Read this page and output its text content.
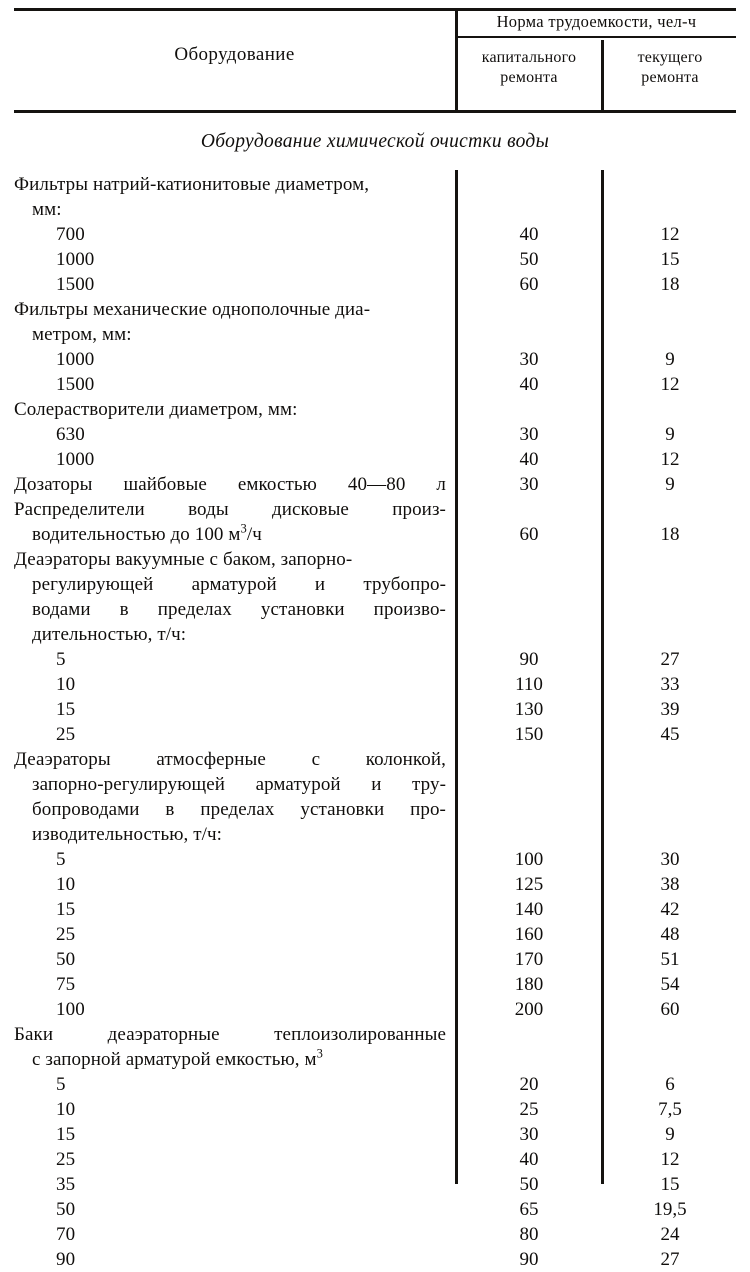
Оборудование
Норма трудоемкости, чел-ч
капитального
ремонта
текущего
ремонта
Оборудование химической очистки воды
Фильтры натрий-катионитовые диаметром,
мм:
700	40	12
1000	50	15
1500	60	18
Фильтры механические однополочные диа-
метром, мм:
1000	30	9
1500	40	12
Солерастворители диаметром, мм:
630	30	9
1000	40	12
Дозаторы шайбовые емкостью 40—80 л	30	9
Распределители воды дисковые произ-
водительностью до 100 $м^3/ч$	60	18
Деаэраторы вакуумные с баком, запорно-
регулирующей арматурой и трубопро-
водами в пределах установки произво-
дительностью, т/ч:
5	90	27
10	110	33
15	130	39
25	150	45
Деаэраторы атмосферные с колонкой,
запорно-регулирующей арматурой и тру-
бопроводами в пределах установки про-
изводительностью, т/ч:
5	100	30
10	125	38
15	140	42
25	160	48
50	170	51
75	180	54
100	200	60
Баки деаэраторные теплоизолированные
с запорной арматурой емкостью, $м^3$
5	20	6
10	25	7,5
15	30	9
25	40	12
35	50	15
50	65	19,5
70	80	24
90	90	27
